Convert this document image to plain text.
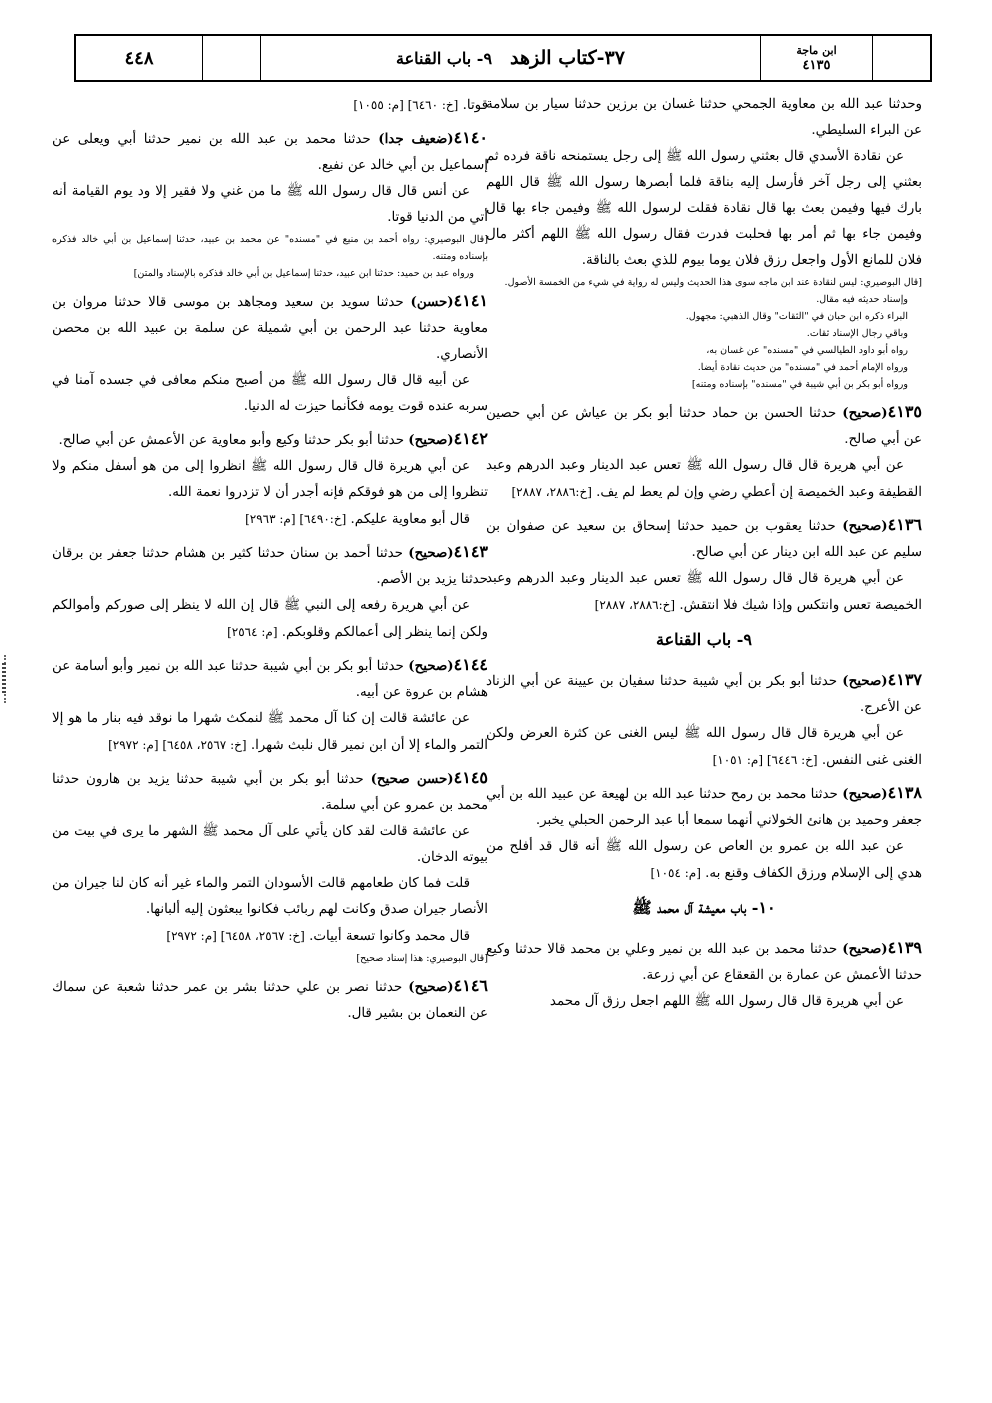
ابن ماجة
٤١٣٥
٣٧-كتاب الزهد
٩- باب القناعة
٤٤٨

وحدثنا عبد الله بن معاوية الجمحي حدثنا غسان بن برزين حدثنا سيار بن سلامة عن البراء السليطي.

عن نقادة الأسدي قال بعثني رسول الله ﷺ إلى رجل يستمنحه ناقة فرده ثم بعثني إلى رجل آخر فأرسل إليه بناقة فلما أبصرها رسول الله ﷺ قال اللهم بارك فيها وفيمن بعث بها قال نقادة فقلت لرسول الله ﷺ وفيمن جاء بها قال وفيمن جاء بها ثم أمر بها فحلبت فدرت فقال رسول الله ﷺ اللهم أكثر مال فلان للمانع الأول واجعل رزق فلان يوما بيوم للذي بعث بالناقة.

[قال البوصيري: ليس لنقادة عند ابن ماجه سوى هذا الحديث وليس له رواية في شيء من الخمسة الأصول.

وإسناد حديثه فيه مقال.

البراء ذكره ابن حبان في "الثقات" وقال الذهبي: مجهول.

وباقي رجال الإسناد ثقات.

رواه أبو داود الطيالسي في "مسنده" عن غسان به،

ورواه الإمام أحمد في "مسنده" من حديث نقادة أيضا.

ورواه أبو بكر بن أبي شيبة في "مسنده" بإسناده ومتنه]

٤١٣٥(صحيح) حدثنا الحسن بن حماد حدثنا أبو بكر بن عياش عن أبي حصين عن أبي صالح.

عن أبي هريرة قال قال رسول الله ﷺ تعس عبد الدينار وعبد الدرهم وعبد القطيفة وعبد الخميصة إن أعطي رضي وإن لم يعط لم يف. [خ:٢٨٨٦، ٢٨٨٧]

٤١٣٦(صحيح) حدثنا يعقوب بن حميد حدثنا إسحاق بن سعيد عن صفوان بن سليم عن عبد الله ابن دينار عن أبي صالح.

عن أبي هريرة قال قال رسول الله ﷺ تعس عبد الدينار وعبد الدرهم وعبد الخميصة تعس وانتكس وإذا شيك فلا انتقش. [خ:٢٨٨٦، ٢٨٨٧]

٩- باب القناعة

٤١٣٧(صحيح) حدثنا أبو بكر بن أبي شيبة حدثنا سفيان بن عيينة عن أبي الزناد عن الأعرج.

عن أبي هريرة قال قال رسول الله ﷺ ليس الغنى عن كثرة العرض ولكن الغنى غنى النفس. [خ: ٦٤٤٦] [م: ١٠٥١]

٤١٣٨(صحيح) حدثنا محمد بن رمح حدثنا عبد الله بن لهيعة عن عبيد الله بن أبي جعفر وحميد بن هانئ الخولاني أنهما سمعا أبا عبد الرحمن الحبلي يخبر.

عن عبد الله بن عمرو بن العاص عن رسول الله ﷺ أنه قال قد أفلح من هدي إلى الإسلام ورزق الكفاف وقنع به. [م: ١٠٥٤]

١٠- باب معيشة آل محمد ﷺ

٤١٣٩(صحيح) حدثنا محمد بن عبد الله بن نمير وعلي بن محمد قالا حدثنا وكيع حدثنا الأعمش عن عمارة بن القعقاع عن أبي زرعة.

عن أبي هريرة قال قال رسول الله ﷺ اللهم اجعل رزق آل محمد

قوتا. [خ: ٦٤٦٠] [م: ١٠٥٥]

٤١٤٠(ضعيف جدا) حدثنا محمد بن عبد الله بن نمير حدثنا أبي ويعلى عن إسماعيل بن أبي خالد عن نفيع.

عن أنس قال قال رسول الله ﷺ ما من غني ولا فقير إلا ود يوم القيامة أنه أتي من الدنيا قوتا.

[قال البوصيري: رواه أحمد بن منيع في "مسنده" عن محمد بن عبيد، حدثنا إسماعيل بن أبي خالد فذكره بإسناده ومتنه.

ورواه عبد بن حميد: حدثنا ابن عبيد، حدثنا إسماعيل بن أبي خالد فذكره بالإسناد والمتن]

٤١٤١(حسن) حدثنا سويد بن سعيد ومجاهد بن موسى قالا حدثنا مروان بن معاوية حدثنا عبد الرحمن بن أبي شميلة عن سلمة بن عبيد الله بن محصن الأنصاري.

عن أبيه قال قال رسول الله ﷺ من أصبح منكم معافى في جسده آمنا في سربه عنده قوت يومه فكأنما حيزت له الدنيا.

٤١٤٢(صحيح) حدثنا أبو بكر حدثنا وكيع وأبو معاوية عن الأعمش عن أبي صالح.

عن أبي هريرة قال قال رسول الله ﷺ انظروا إلى من هو أسفل منكم ولا تنظروا إلى من هو فوقكم فإنه أجدر أن لا تزدروا نعمة الله.

قال أبو معاوية عليكم. [خ:٦٤٩٠] [م: ٢٩٦٣]

٤١٤٣(صحيح) حدثنا أحمد بن سنان حدثنا كثير بن هشام حدثنا جعفر بن برقان حدثنا يزيد بن الأصم.

عن أبي هريرة رفعه إلى النبي ﷺ قال إن الله لا ينظر إلى صوركم وأموالكم ولكن إنما ينظر إلى أعمالكم وقلوبكم. [م: ٢٥٦٤]

٤١٤٤(صحيح) حدثنا أبو بكر بن أبي شيبة حدثنا عبد الله بن نمير وأبو أسامة عن هشام بن عروة عن أبيه.

عن عائشة قالت إن كنا آل محمد ﷺ لنمكث شهرا ما نوقد فيه بنار ما هو إلا التمر والماء إلا أن ابن نمير قال نلبث شهرا. [خ: ٢٥٦٧، ٦٤٥٨] [م: ٢٩٧٢]

٤١٤٥(حسن صحيح) حدثنا أبو بكر بن أبي شيبة حدثنا يزيد بن هارون حدثنا محمد بن عمرو عن أبي سلمة.

عن عائشة قالت لقد كان يأتي على آل محمد ﷺ الشهر ما يرى في بيت من بيوته الدخان.

قلت فما كان طعامهم قالت الأسودان التمر والماء غير أنه كان لنا جيران من الأنصار جيران صدق وكانت لهم ربائب فكانوا يبعثون إليه ألبانها.

قال محمد وكانوا تسعة أبيات. [خ: ٢٥٦٧، ٦٤٥٨] [م: ٢٩٧٢]

[قال البوصيري: هذا إسناد صحيح]

٤١٤٦(صحيح) حدثنا نصر بن علي حدثنا بشر بن عمر حدثنا شعبة عن سماك عن النعمان بن بشير قال.
